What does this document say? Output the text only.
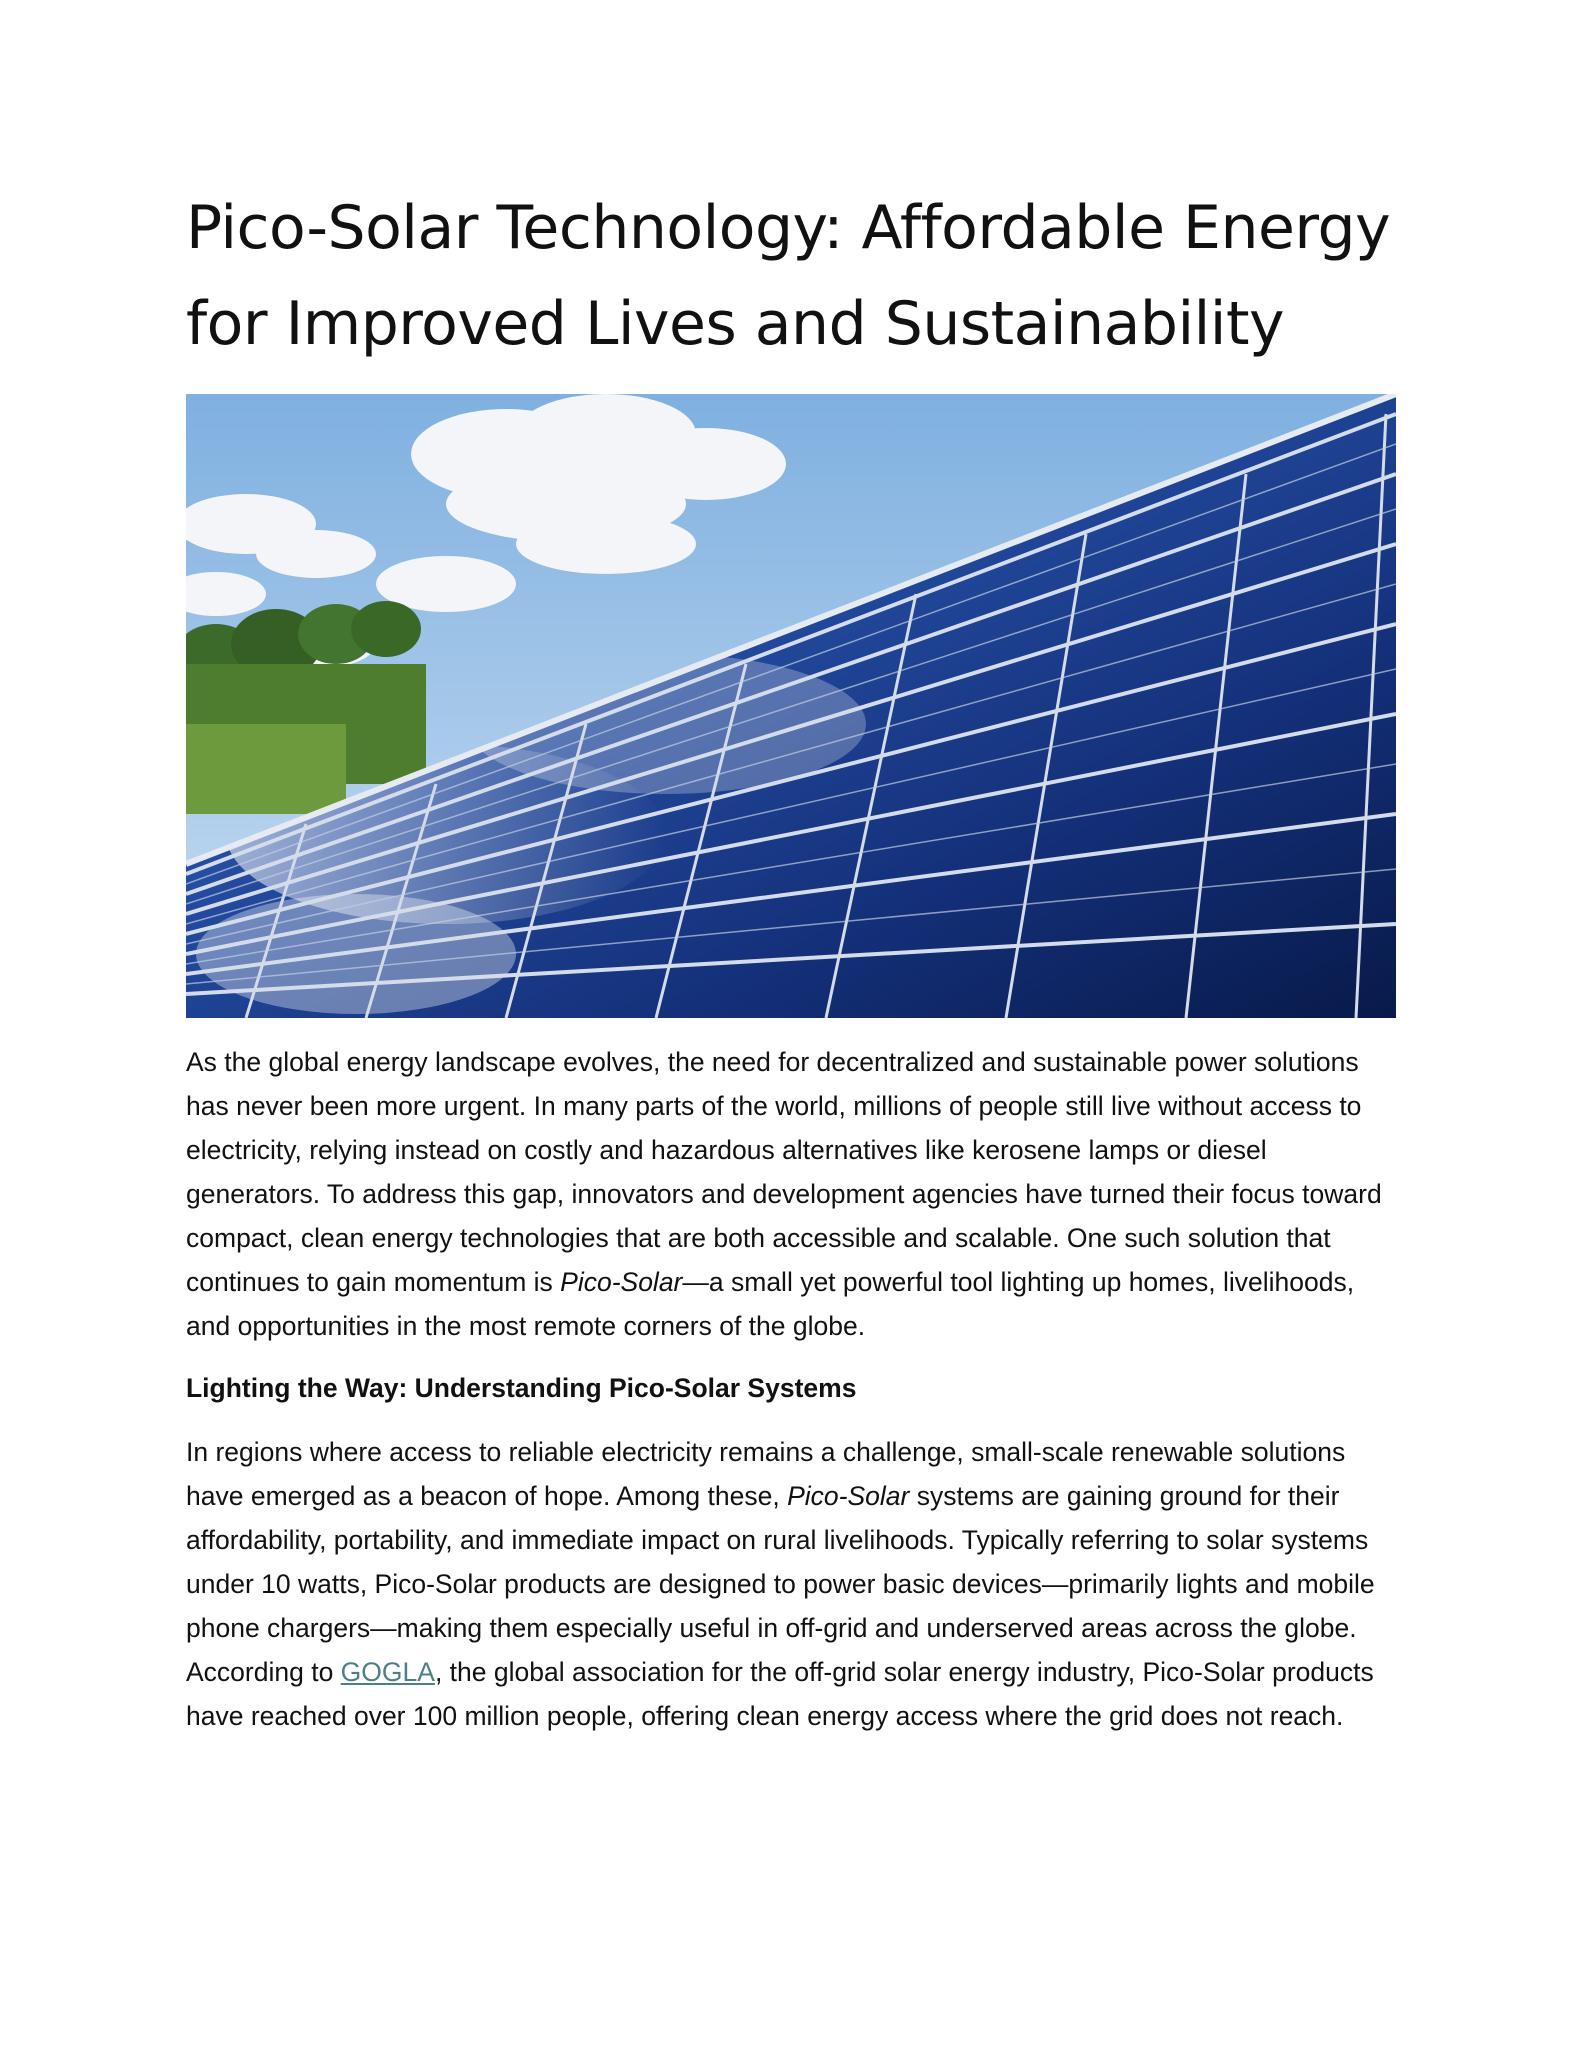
Pico-Solar Technology: Affordable Energy for Improved Lives and Sustainability

As the global energy landscape evolves, the need for decentralized and sustainable power solutions has never been more urgent. In many parts of the world, millions of people still live without access to electricity, relying instead on costly and hazardous alternatives like kerosene lamps or diesel generators. To address this gap, innovators and development agencies have turned their focus toward compact, clean energy technologies that are both accessible and scalable. One such solution that continues to gain momentum is Pico-Solar—a small yet powerful tool lighting up homes, livelihoods, and opportunities in the most remote corners of the globe.

Lighting the Way: Understanding Pico-Solar Systems

In regions where access to reliable electricity remains a challenge, small-scale renewable solutions have emerged as a beacon of hope. Among these, Pico-Solar systems are gaining ground for their affordability, portability, and immediate impact on rural livelihoods. Typically referring to solar systems under 10 watts, Pico-Solar products are designed to power basic devices—primarily lights and mobile phone chargers—making them especially useful in off-grid and underserved areas across the globe. According to GOGLA, the global association for the off-grid solar energy industry, Pico-Solar products have reached over 100 million people, offering clean energy access where the grid does not reach.
